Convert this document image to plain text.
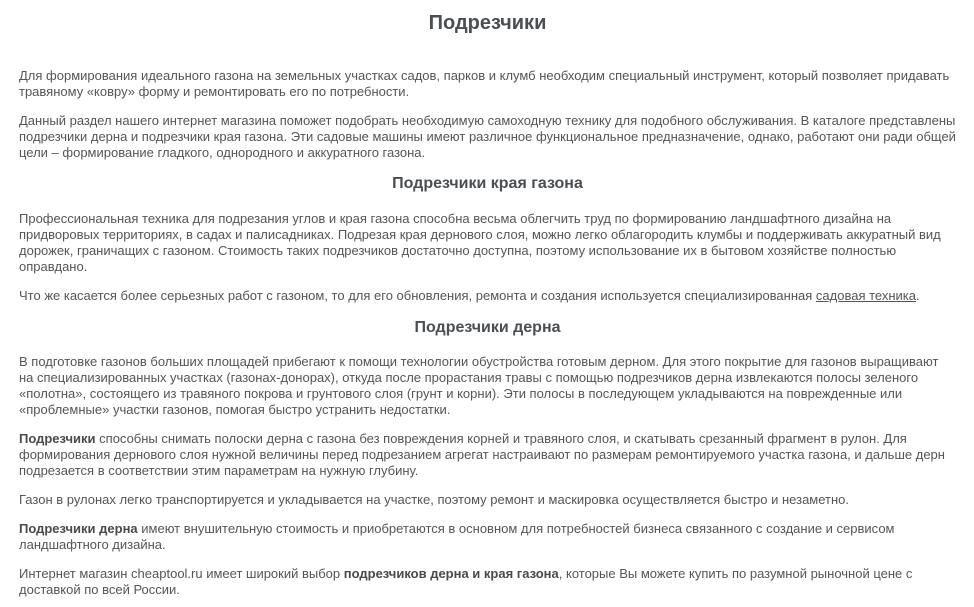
Подрезчики

Для формирования идеального газона на земельных участках садов, парков и клумб необходим специальный инструмент, который позволяет придавать травяному «ковру» форму и ремонтировать его по потребности.

Данный раздел нашего интернет магазина поможет подобрать необходимую самоходную технику для подобного обслуживания. В каталоге представлены подрезчики дерна и подрезчики края газона. Эти садовые машины имеют различное функциональное предназначение, однако, работают они ради общей цели – формирование гладкого, однородного и аккуратного газона.

Подрезчики края газона

Профессиональная техника для подрезания углов и края газона способна весьма облегчить труд по формированию ландшафтного дизайна на придворовых территориях, в садах и палисадниках. Подрезая края дернового слоя, можно легко облагородить клумбы и поддерживать аккуратный вид дорожек, граничащих с газоном. Стоимость таких подрезчиков достаточно доступна, поэтому использование их в бытовом хозяйстве полностью оправдано.

Что же касается более серьезных работ с газоном, то для его обновления, ремонта и создания используется специализированная садовая техника.

Подрезчики дерна

В подготовке газонов больших площадей прибегают к помощи технологии обустройства готовым дерном. Для этого покрытие для газонов выращивают на специализированных участках (газонах-донорах), откуда после прорастания травы с помощью подрезчиков дерна извлекаются полосы зеленого «полотна», состоящего из травяного покрова и грунтового слоя (грунт и корни). Эти полосы в последующем укладываются на поврежденные или «проблемные» участки газонов, помогая быстро устранить недостатки.

Подрезчики способны снимать полоски дерна с газона без повреждения корней и травяного слоя, и скатывать срезанный фрагмент в рулон. Для формирования дернового слоя нужной величины перед подрезанием агрегат настраивают по размерам ремонтируемого участка газона, и дальше дерн подрезается в соответствии этим параметрам на нужную глубину.

Газон в рулонах легко транспортируется и укладывается на участке, поэтому ремонт и маскировка осуществляется быстро и незаметно.

Подрезчики дерна имеют внушительную стоимость и приобретаются в основном для потребностей бизнеса связанного с создание и сервисом ландшафтного дизайна.

Интернет магазин cheaptool.ru имеет широкий выбор подрезчиков дерна и края газона, которые Вы можете купить по разумной рыночной цене с доставкой по всей России.
